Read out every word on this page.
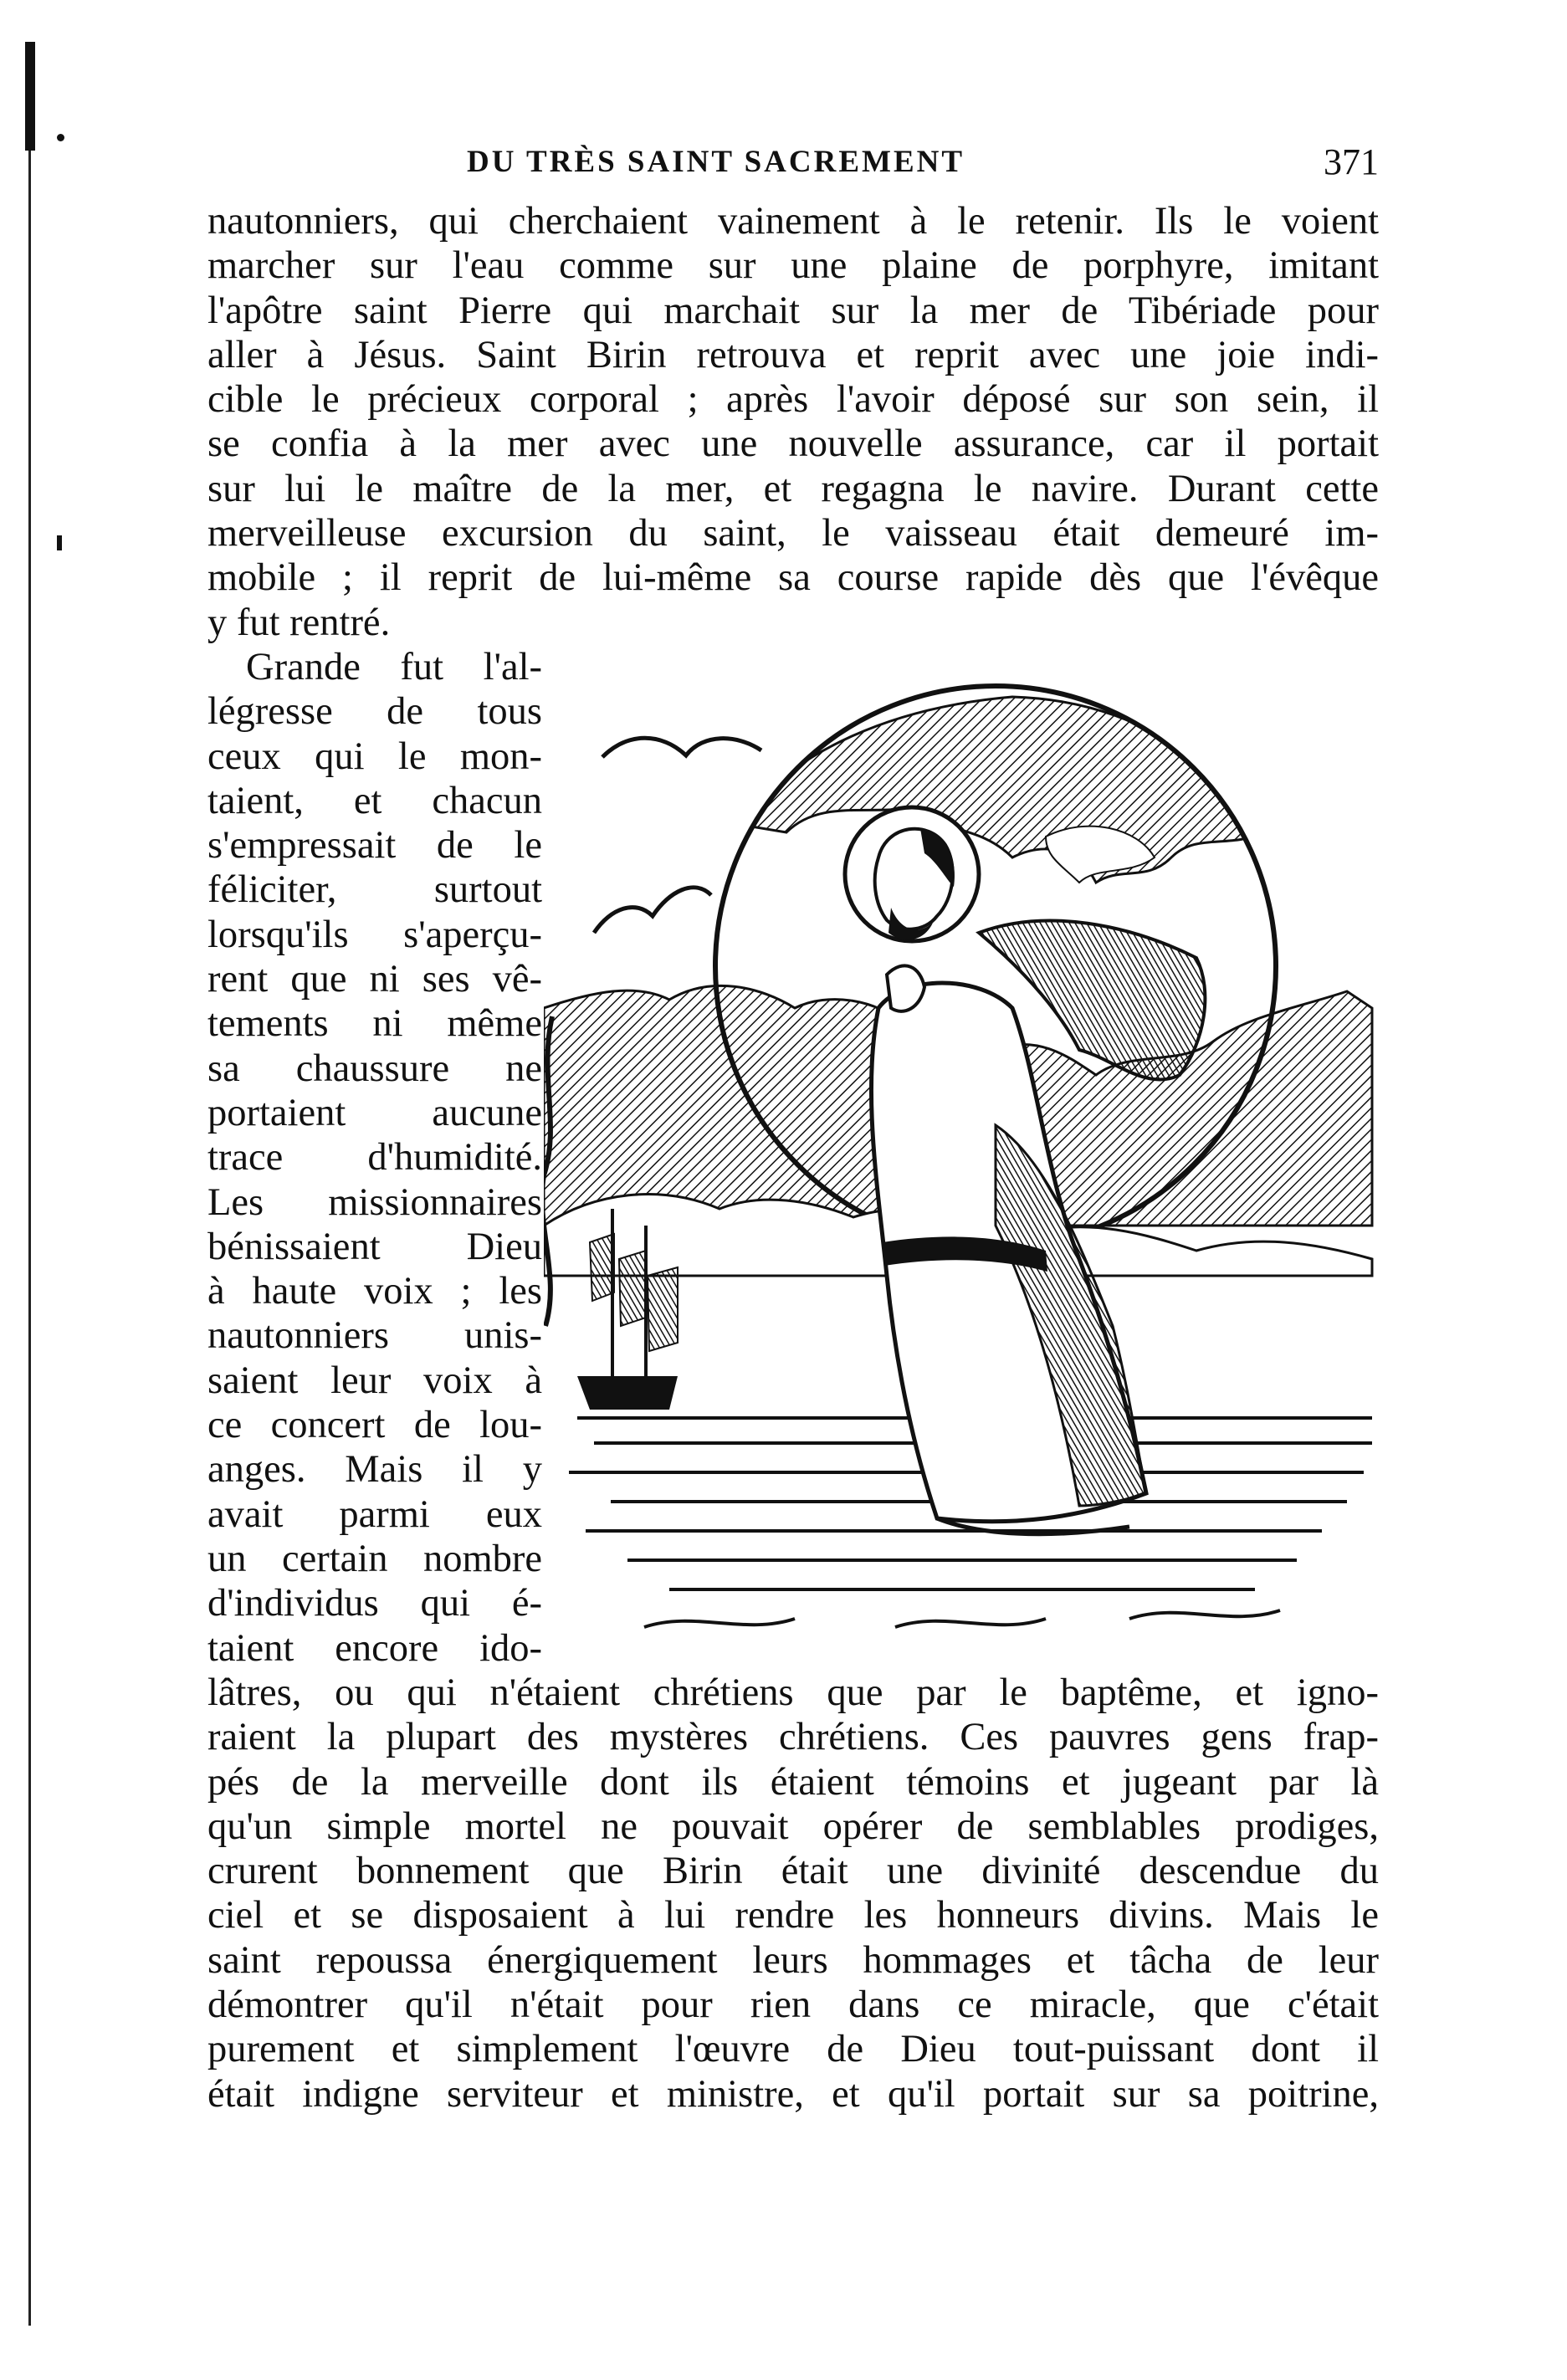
DU TRÈS SAINT SACREMENT	371
nautonniers, qui cherchaient vainement à le retenir. Ils le voient
marcher sur l'eau comme sur une plaine de porphyre, imitant
l'apôtre saint Pierre qui marchait sur la mer de Tibériade pour
aller à Jésus. Saint Birin retrouva et reprit avec une joie indi-
cible le précieux corporal ; après l'avoir déposé sur son sein, il
se confia à la mer avec une nouvelle assurance, car il portait
sur lui le maître de la mer, et regagna le navire. Durant cette
merveilleuse excursion du saint, le vaisseau était demeuré im-
mobile ; il reprit de lui-même sa course rapide dès que l'évêque
y fut rentré.
Grande fut l'al-
légresse de tous
ceux qui le mon-
taient, et chacun
s'empressait de le
féliciter, surtout
lorsqu'ils s'aperçu-
rent que ni ses vê-
tements ni même
sa chaussure ne
portaient aucune
trace d'humidité.
Les missionnaires
bénissaient Dieu
à haute voix ; les
nautonniers unis-
saient leur voix à
ce concert de lou-
anges. Mais il y
avait parmi eux
un certain nombre
d'individus qui é-
taient encore ido-
lâtres, ou qui n'étaient chrétiens que par le baptême, et igno-
raient la plupart des mystères chrétiens. Ces pauvres gens frap-
pés de la merveille dont ils étaient témoins et jugeant par là
qu'un simple mortel ne pouvait opérer de semblables prodiges,
crurent bonnement que Birin était une divinité descendue du
ciel et se disposaient à lui rendre les honneurs divins. Mais le
saint repoussa énergiquement leurs hommages et tâcha de leur
démontrer qu'il n'était pour rien dans ce miracle, que c'était
purement et simplement l'œuvre de Dieu tout-puissant dont il
était indigne serviteur et ministre, et qu'il portait sur sa poitrine,
